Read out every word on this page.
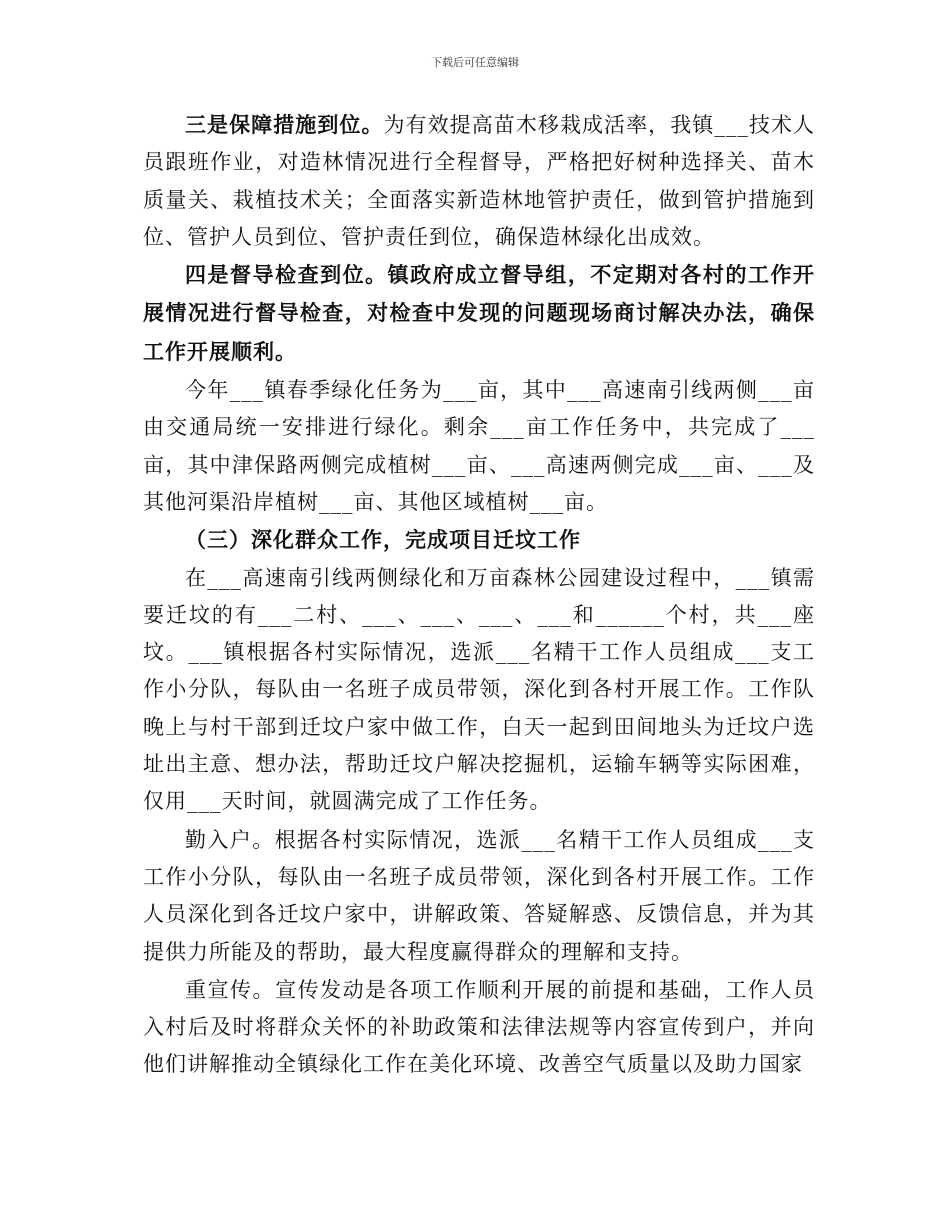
下载后可任意编辑

三是保障措施到位。为有效提高苗木移栽成活率，我镇___技术人员跟班作业，对造林情况进行全程督导，严格把好树种选择关、苗木质量关、栽植技术关；全面落实新造林地管护责任，做到管护措施到位、管护人员到位、管护责任到位，确保造林绿化出成效。

四是督导检查到位。镇政府成立督导组，不定期对各村的工作开展情况进行督导检查，对检查中发现的问题现场商讨解决办法，确保工作开展顺利。

今年___镇春季绿化任务为___亩，其中___高速南引线两侧___亩由交通局统一安排进行绿化。剩余___亩工作任务中，共完成了___亩，其中津保路两侧完成植树___亩、___高速两侧完成___亩、___及其他河渠沿岸植树___亩、其他区域植树___亩。

（三）深化群众工作，完成项目迁坟工作

在___高速南引线两侧绿化和万亩森林公园建设过程中，___镇需要迁坟的有___二村、___、___、___、___和______个村，共___座坟。___镇根据各村实际情况，选派___名精干工作人员组成___支工作小分队，每队由一名班子成员带领，深化到各村开展工作。工作队晚上与村干部到迁坟户家中做工作，白天一起到田间地头为迁坟户选址出主意、想办法，帮助迁坟户解决挖掘机，运输车辆等实际困难，仅用___天时间，就圆满完成了工作任务。

勤入户。根据各村实际情况，选派___名精干工作人员组成___支工作小分队，每队由一名班子成员带领，深化到各村开展工作。工作人员深化到各迁坟户家中，讲解政策、答疑解惑、反馈信息，并为其提供力所能及的帮助，最大程度赢得群众的理解和支持。

重宣传。宣传发动是各项工作顺利开展的前提和基础，工作人员入村后及时将群众关怀的补助政策和法律法规等内容宣传到户，并向他们讲解推动全镇绿化工作在美化环境、改善空气质量以及助力国家
